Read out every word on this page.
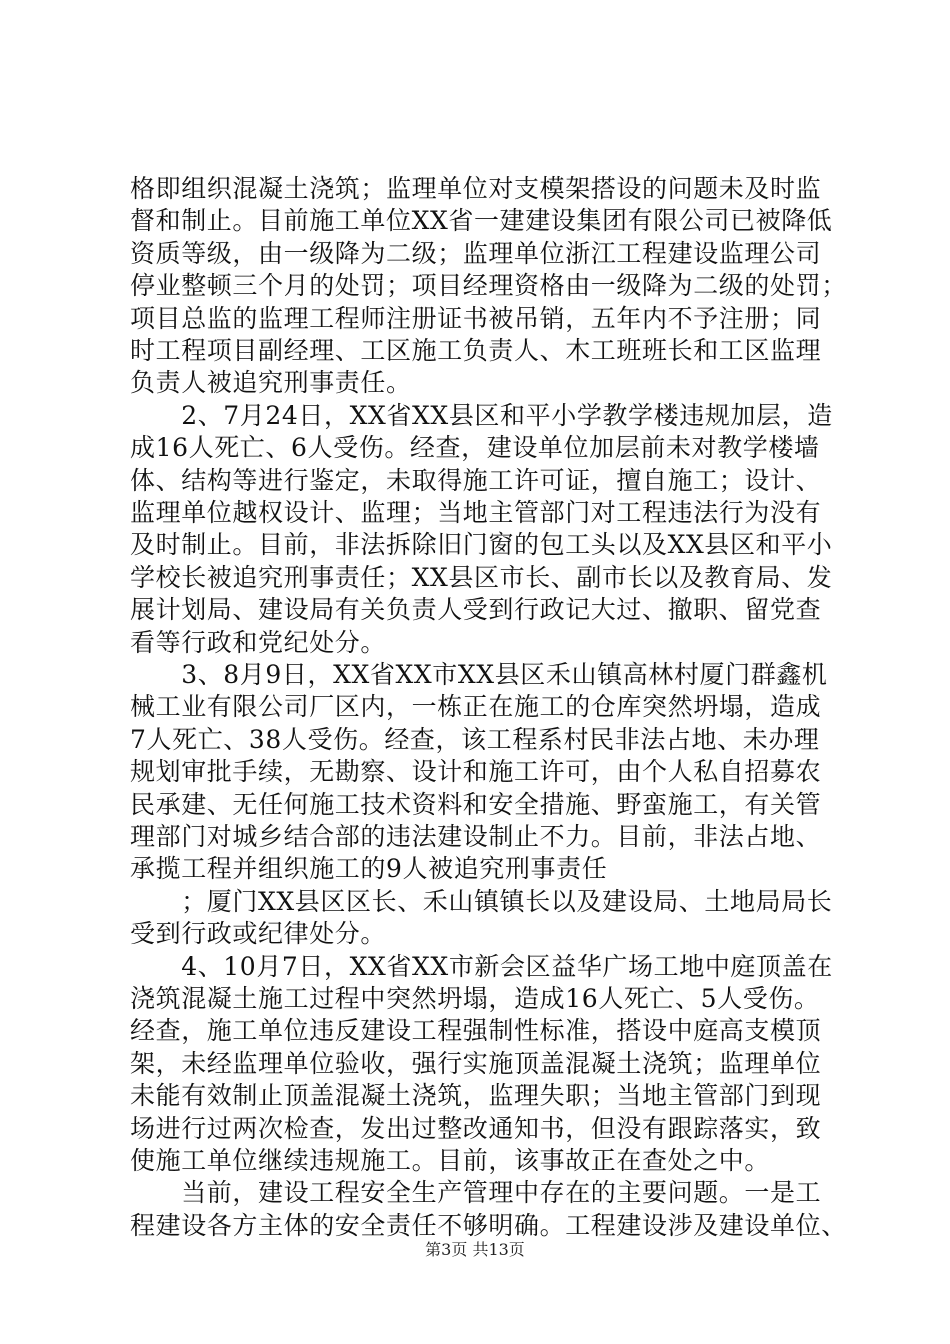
格即组织混凝土浇筑；监理单位对支模架搭设的问题未及时监
督和制止。目前施工单位XX省一建建设集团有限公司已被降低
资质等级，由一级降为二级；监理单位浙江工程建设监理公司
停业整顿三个月的处罚；项目经理资格由一级降为二级的处罚；
项目总监的监理工程师注册证书被吊销，五年内不予注册；同
时工程项目副经理、工区施工负责人、木工班班长和工区监理
负责人被追究刑事责任。
　　2、7月24日，XX省XX县区和平小学教学楼违规加层，造
成16人死亡、6人受伤。经查，建设单位加层前未对教学楼墙
体、结构等进行鉴定，未取得施工许可证，擅自施工；设计、
监理单位越权设计、监理；当地主管部门对工程违法行为没有
及时制止。目前，非法拆除旧门窗的包工头以及XX县区和平小
学校长被追究刑事责任；XX县区市长、副市长以及教育局、发
展计划局、建设局有关负责人受到行政记大过、撤职、留党查
看等行政和党纪处分。
　　3、8月9日，XX省XX市XX县区禾山镇高林村厦门群鑫机
械工业有限公司厂区内，一栋正在施工的仓库突然坍塌，造成
7人死亡、38人受伤。经查，该工程系村民非法占地、未办理
规划审批手续，无勘察、设计和施工许可，由个人私自招募农
民承建、无任何施工技术资料和安全措施、野蛮施工，有关管
理部门对城乡结合部的违法建设制止不力。目前，非法占地、
承揽工程并组织施工的9人被追究刑事责任
　　；厦门XX县区区长、禾山镇镇长以及建设局、土地局局长
受到行政或纪律处分。
　　4、10月7日，XX省XX市新会区益华广场工地中庭顶盖在
浇筑混凝土施工过程中突然坍塌，造成16人死亡、5人受伤。
经查，施工单位违反建设工程强制性标准，搭设中庭高支模顶
架，未经监理单位验收，强行实施顶盖混凝土浇筑；监理单位
未能有效制止顶盖混凝土浇筑，监理失职；当地主管部门到现
场进行过两次检查，发出过整改通知书，但没有跟踪落实，致
使施工单位继续违规施工。目前，该事故正在查处之中。
　　当前，建设工程安全生产管理中存在的主要问题。一是工
程建设各方主体的安全责任不够明确。工程建设涉及建设单位、
第3页 共13页
